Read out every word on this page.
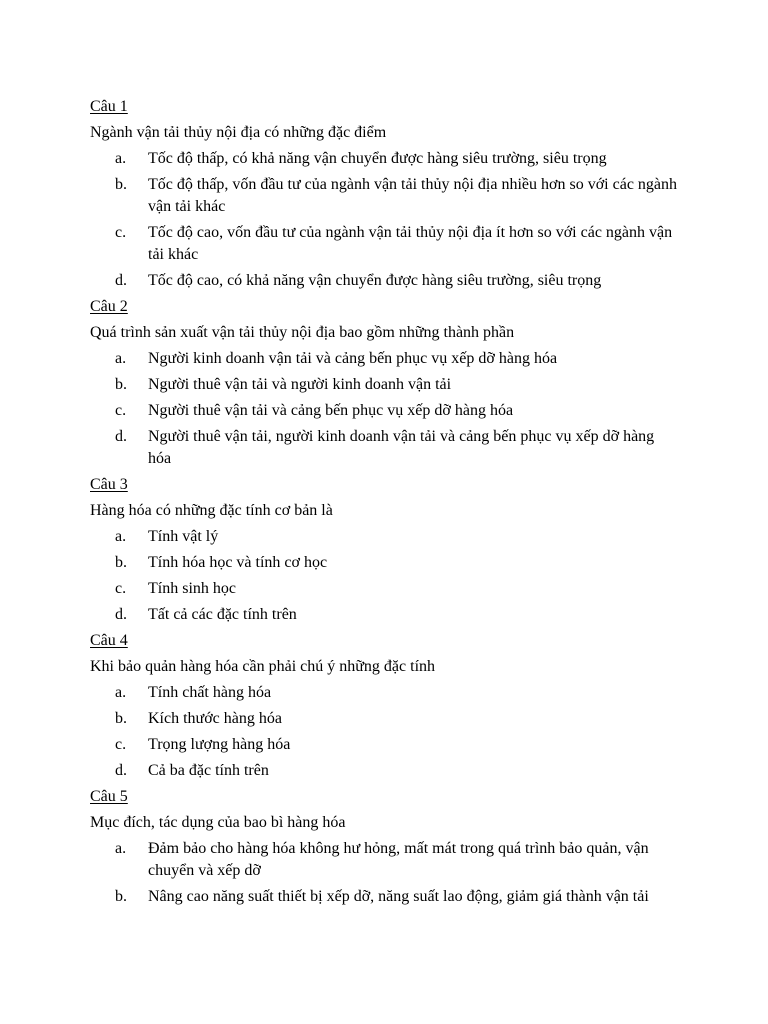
Câu 1
Ngành vận tải thủy nội địa có những đặc điểm
a.	Tốc độ thấp, có khả năng vận chuyển được hàng siêu trường, siêu trọng
b.	Tốc độ thấp, vốn đầu tư của ngành vận tải thủy nội địa nhiều hơn so với các ngành vận tải khác
c.	Tốc độ cao, vốn đầu tư của ngành vận tải thủy nội địa ít hơn so với các ngành vận tải khác
d.	Tốc độ cao, có khả năng vận chuyển được hàng siêu trường, siêu trọng
Câu 2
Quá trình sản xuất vận tải thủy nội địa bao gồm những thành phần
a.	Người kinh doanh vận tải và cảng bến phục vụ xếp dỡ hàng hóa
b.	Người thuê vận tải và người kinh doanh vận tải
c.	Người thuê vận tải và cảng bến phục vụ xếp dỡ hàng hóa
d.	Người thuê vận tải, người kinh doanh vận tải và cảng bến phục vụ xếp dỡ hàng hóa
Câu 3
Hàng hóa có những đặc tính cơ bản là
a.	Tính vật lý
b.	Tính hóa học và tính cơ học
c.	Tính sinh học
d.	Tất cả các đặc tính trên
Câu 4
Khi bảo quản hàng hóa cần phải chú ý những đặc tính
a.	Tính chất hàng hóa
b.	Kích thước hàng hóa
c.	Trọng lượng hàng hóa
d.	Cả ba đặc tính trên
Câu 5
Mục đích, tác dụng của bao bì hàng hóa
a.	Đảm bảo cho hàng hóa không hư hỏng, mất mát trong quá trình bảo quản, vận chuyển và xếp dỡ
b.	Nâng cao năng suất thiết bị xếp dỡ, năng suất lao động, giảm giá thành vận tải
